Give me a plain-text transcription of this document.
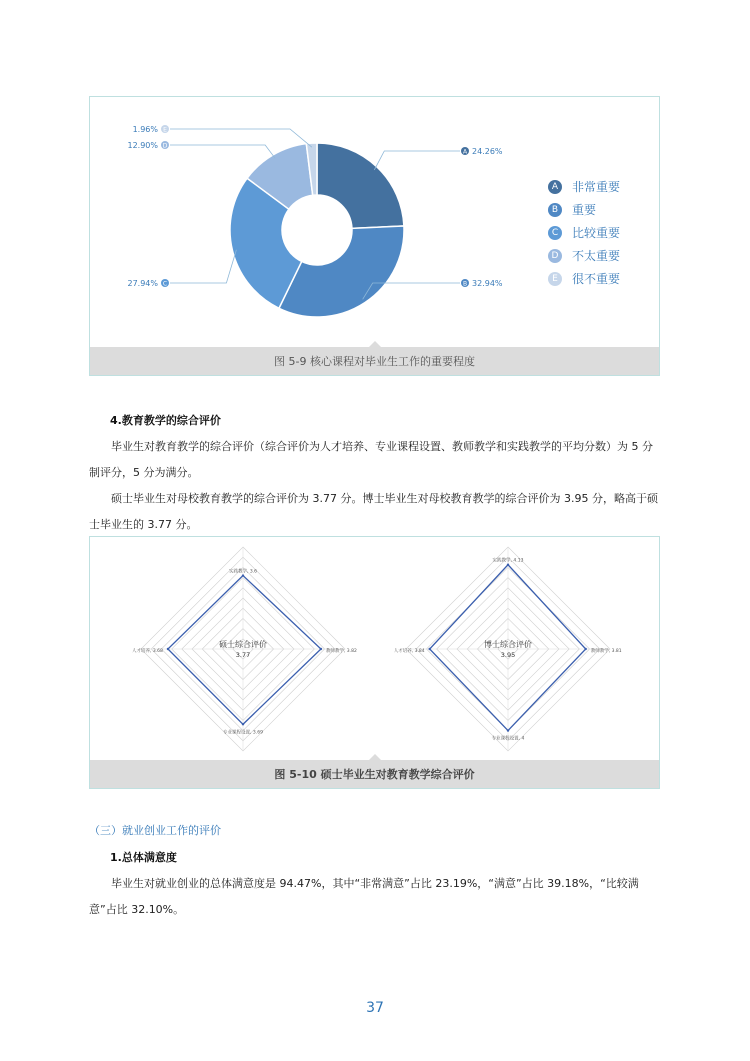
A 24.26%
B 32.94%
C
27.94%
D
12.90%
E
1.96%
A	非常重要
B	重要
C	比较重要
D 不太重要
E	很不重要
图 5-9 核心课程对毕业生工作的重要程度
4.教育教学的综合评价

毕业生对教育教学的综合评价（综合评价为人才培养、专业课程设置、教师教学和实践教学的平均分数）为 5 分制评分，5 分为满分。

硕士毕业生对母校教育教学的综合评价为 3.77 分。博士毕业生对母校教育教学的综合评价为 3.95 分，略高于硕士毕业生的 3.77 分。

实践教学, 3.6
教师教学, 3.82
专业课程设置, 3.69
人才培养, 3.68
硕士综合评价
3.77
实践教学, 4.13
教师教学, 3.81
专业课程设置, 4
人才培养, 3.84
博士综合评价
3.95
图 5-10 硕士毕业生对教育教学综合评价
（三）就业创业工作的评价
1.总体满意度

毕业生对就业创业的总体满意度是 94.47%，其中“非常满意”占比 23.19%，“满意”占比 39.18%，“比较满意”占比 32.10%。

37
